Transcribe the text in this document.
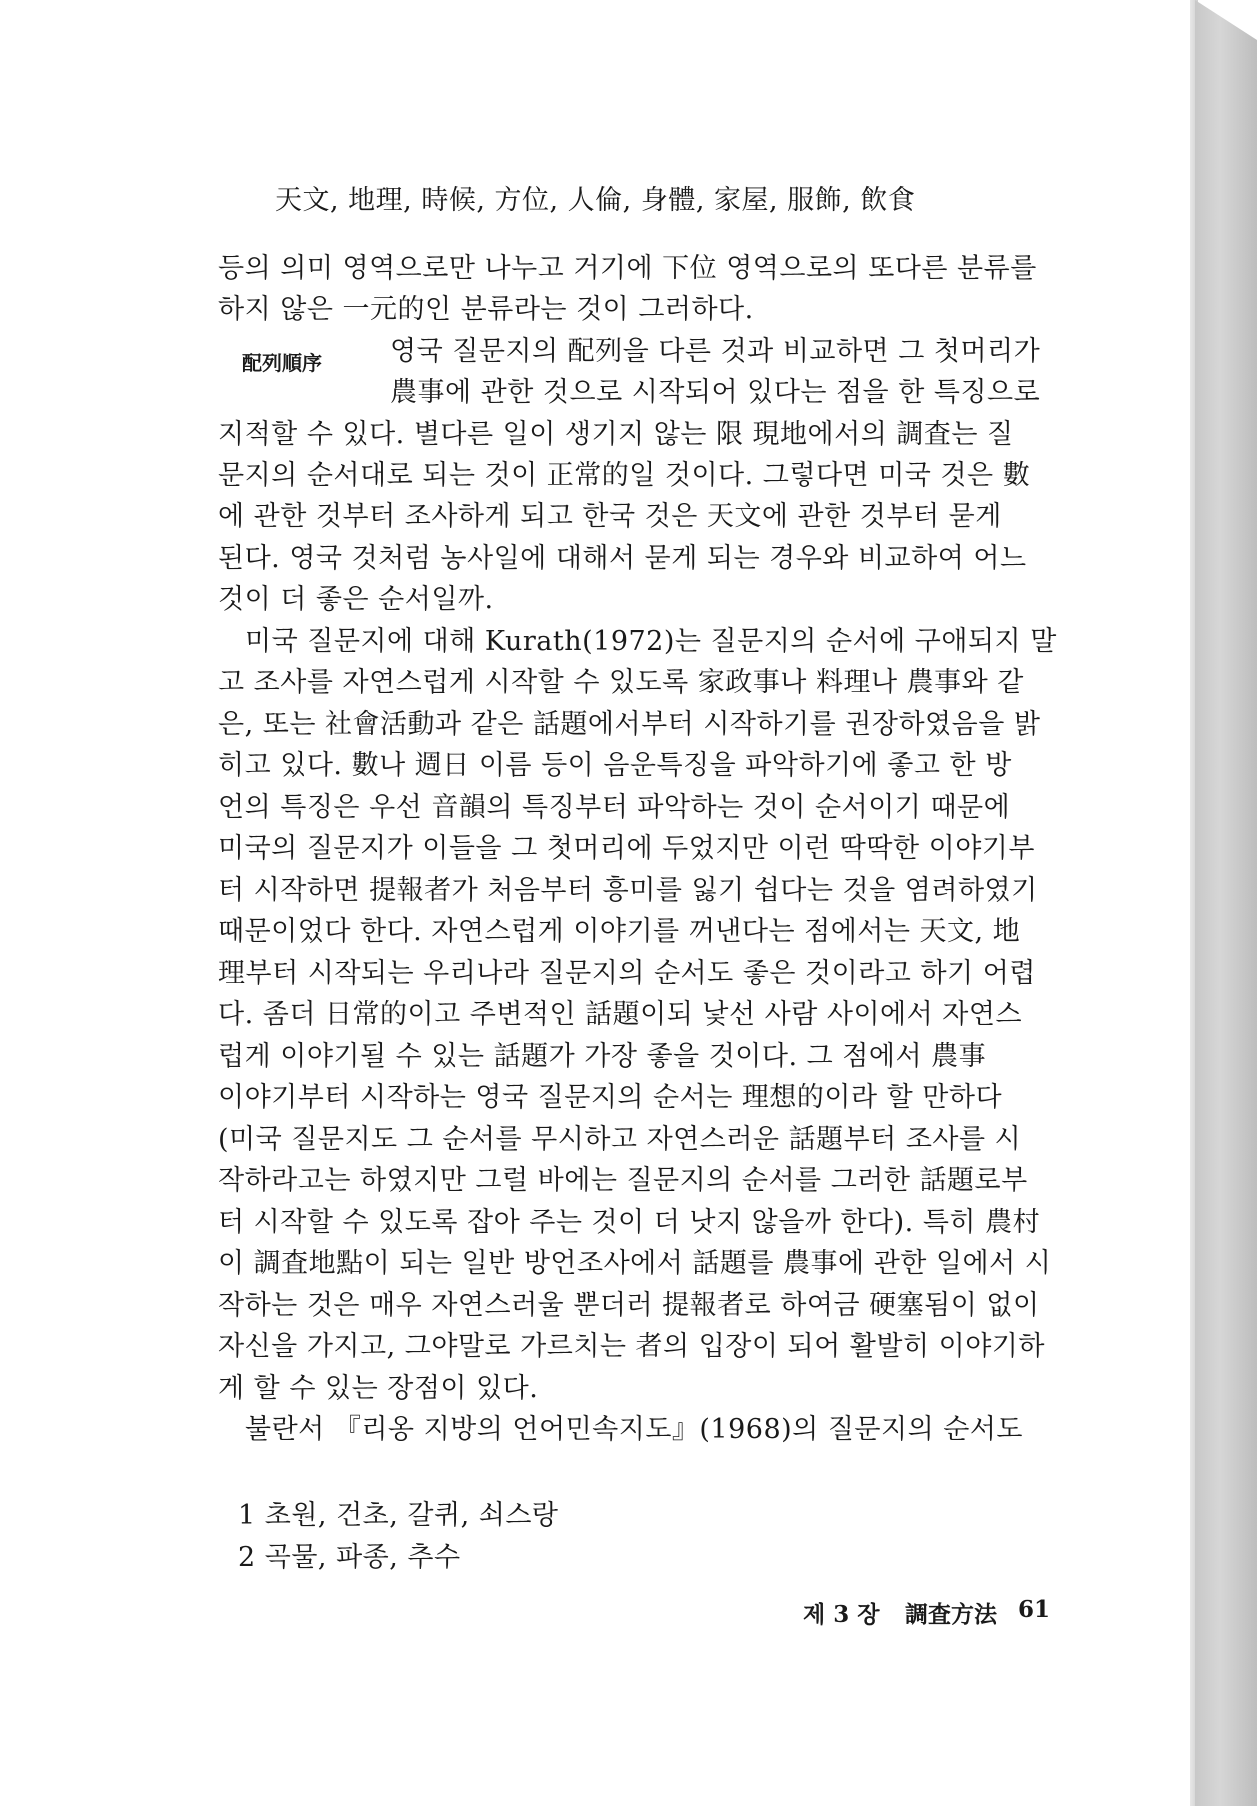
天文, 地理, 時候, 方位, 人倫, 身體, 家屋, 服飾, 飲食
등의 의미 영역으로만 나누고 거기에 下位 영역으로의 또다른 분류를
하지 않은 一元的인 분류라는 것이 그러하다.
配列順序	영국 질문지의 配列을 다른 것과 비교하면 그 첫머리가
農事에 관한 것으로 시작되어 있다는 점을 한 특징으로
지적할 수 있다. 별다른 일이 생기지 않는 限 現地에서의 調査는 질
문지의 순서대로 되는 것이 正常的일 것이다. 그렇다면 미국 것은 數
에 관한 것부터 조사하게 되고 한국 것은 天文에 관한 것부터 묻게
된다. 영국 것처럼 농사일에 대해서 묻게 되는 경우와 비교하여 어느
것이 더 좋은 순서일까.
미국 질문지에 대해 Kurath(1972)는 질문지의 순서에 구애되지 말
고 조사를 자연스럽게 시작할 수 있도록 家政事나 料理나 農事와 같
은, 또는 社會活動과 같은 話題에서부터 시작하기를 권장하였음을 밝
히고 있다. 數나 週日 이름 등이 음운특징을 파악하기에 좋고 한 방
언의 특징은 우선 音韻의 특징부터 파악하는 것이 순서이기 때문에
미국의 질문지가 이들을 그 첫머리에 두었지만 이런 딱딱한 이야기부
터 시작하면 提報者가 처음부터 흥미를 잃기 쉽다는 것을 염려하였기
때문이었다 한다. 자연스럽게 이야기를 꺼낸다는 점에서는 天文, 地
理부터 시작되는 우리나라 질문지의 순서도 좋은 것이라고 하기 어렵
다. 좀더 日常的이고 주변적인 話題이되 낯선 사람 사이에서 자연스
럽게 이야기될 수 있는 話題가 가장 좋을 것이다. 그 점에서 農事
이야기부터 시작하는 영국 질문지의 순서는 理想的이라 할 만하다
(미국 질문지도 그 순서를 무시하고 자연스러운 話題부터 조사를 시
작하라고는 하였지만 그럴 바에는 질문지의 순서를 그러한 話題로부
터 시작할 수 있도록 잡아 주는 것이 더 낫지 않을까 한다). 특히 農村
이 調査地點이 되는 일반 방언조사에서 話題를 農事에 관한 일에서 시
작하는 것은 매우 자연스러울 뿐더러 提報者로 하여금 硬塞됨이 없이
자신을 가지고, 그야말로 가르치는 者의 입장이 되어 활발히 이야기하
게 할 수 있는 장점이 있다.
불란서 『리옹 지방의 언어민속지도』(1968)의 질문지의 순서도
1 초원, 건초, 갈퀴, 쇠스랑
2 곡물, 파종, 추수
제 3 장 調査方法 61
